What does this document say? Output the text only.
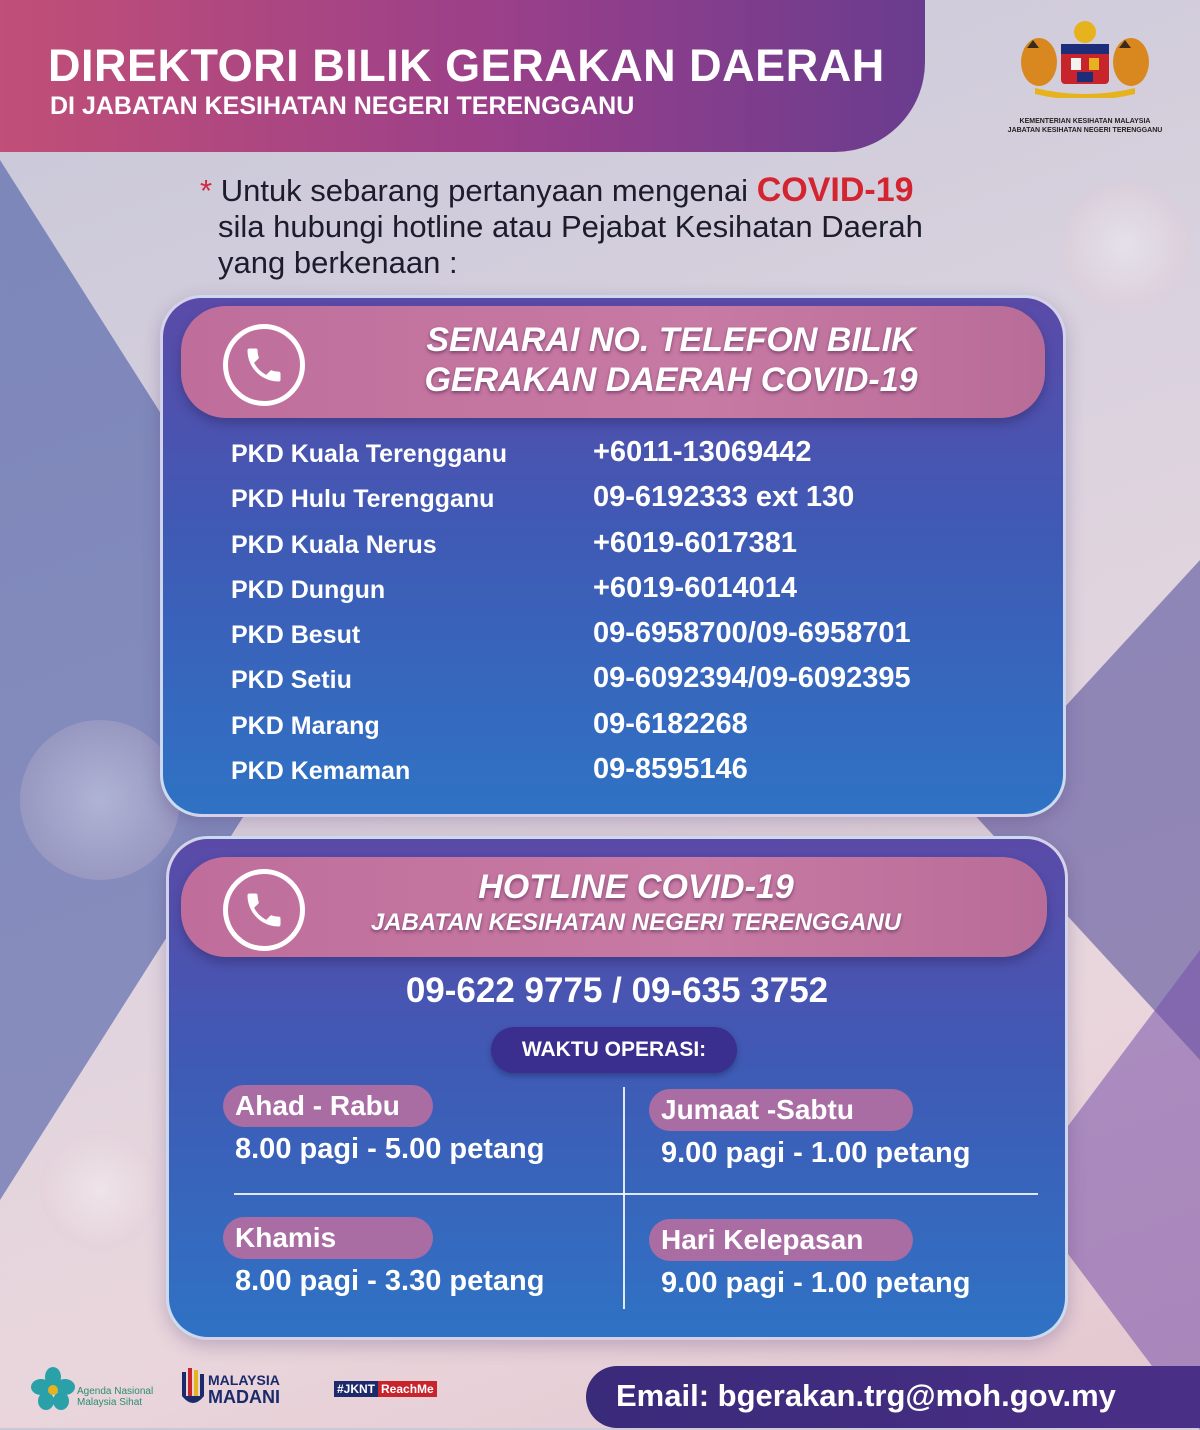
DIREKTORI BILIK GERAKAN DAERAH
DI JABATAN KESIHATAN NEGERI TERENGGANU
KEMENTERIAN KESIHATAN MALAYSIA
JABATAN KESIHATAN NEGERI TERENGGANU
* Untuk sebarang pertanyaan mengenai COVID-19
sila hubungi hotline atau Pejabat Kesihatan Daerah
yang berkenaan :
SENARAI NO. TELEFON BILIK
GERAKAN DAERAH COVID-19
PKD Kuala Terengganu	+6011-13069442
PKD Hulu Terengganu	09-6192333 ext 130
PKD Kuala Nerus	+6019-6017381
PKD Dungun	+6019-6014014
PKD Besut	09-6958700/09-6958701
PKD Setiu	09-6092394/09-6092395
PKD Marang	09-6182268
PKD Kemaman	09-8595146
HOTLINE COVID-19
JABATAN KESIHATAN NEGERI TERENGGANU
09-622 9775 / 09-635 3752
WAKTU OPERASI:
Ahad - Rabu
8.00 pagi - 5.00 petang
Jumaat -Sabtu
9.00 pagi - 1.00 petang
Khamis
8.00 pagi - 3.30 petang
Hari Kelepasan
9.00 pagi - 1.00 petang
Agenda Nasional
Malaysia Sihat
MALAYSIA
MADANI	#JKNT ReachMe	Email: bgerakan.trg@moh.gov.my
